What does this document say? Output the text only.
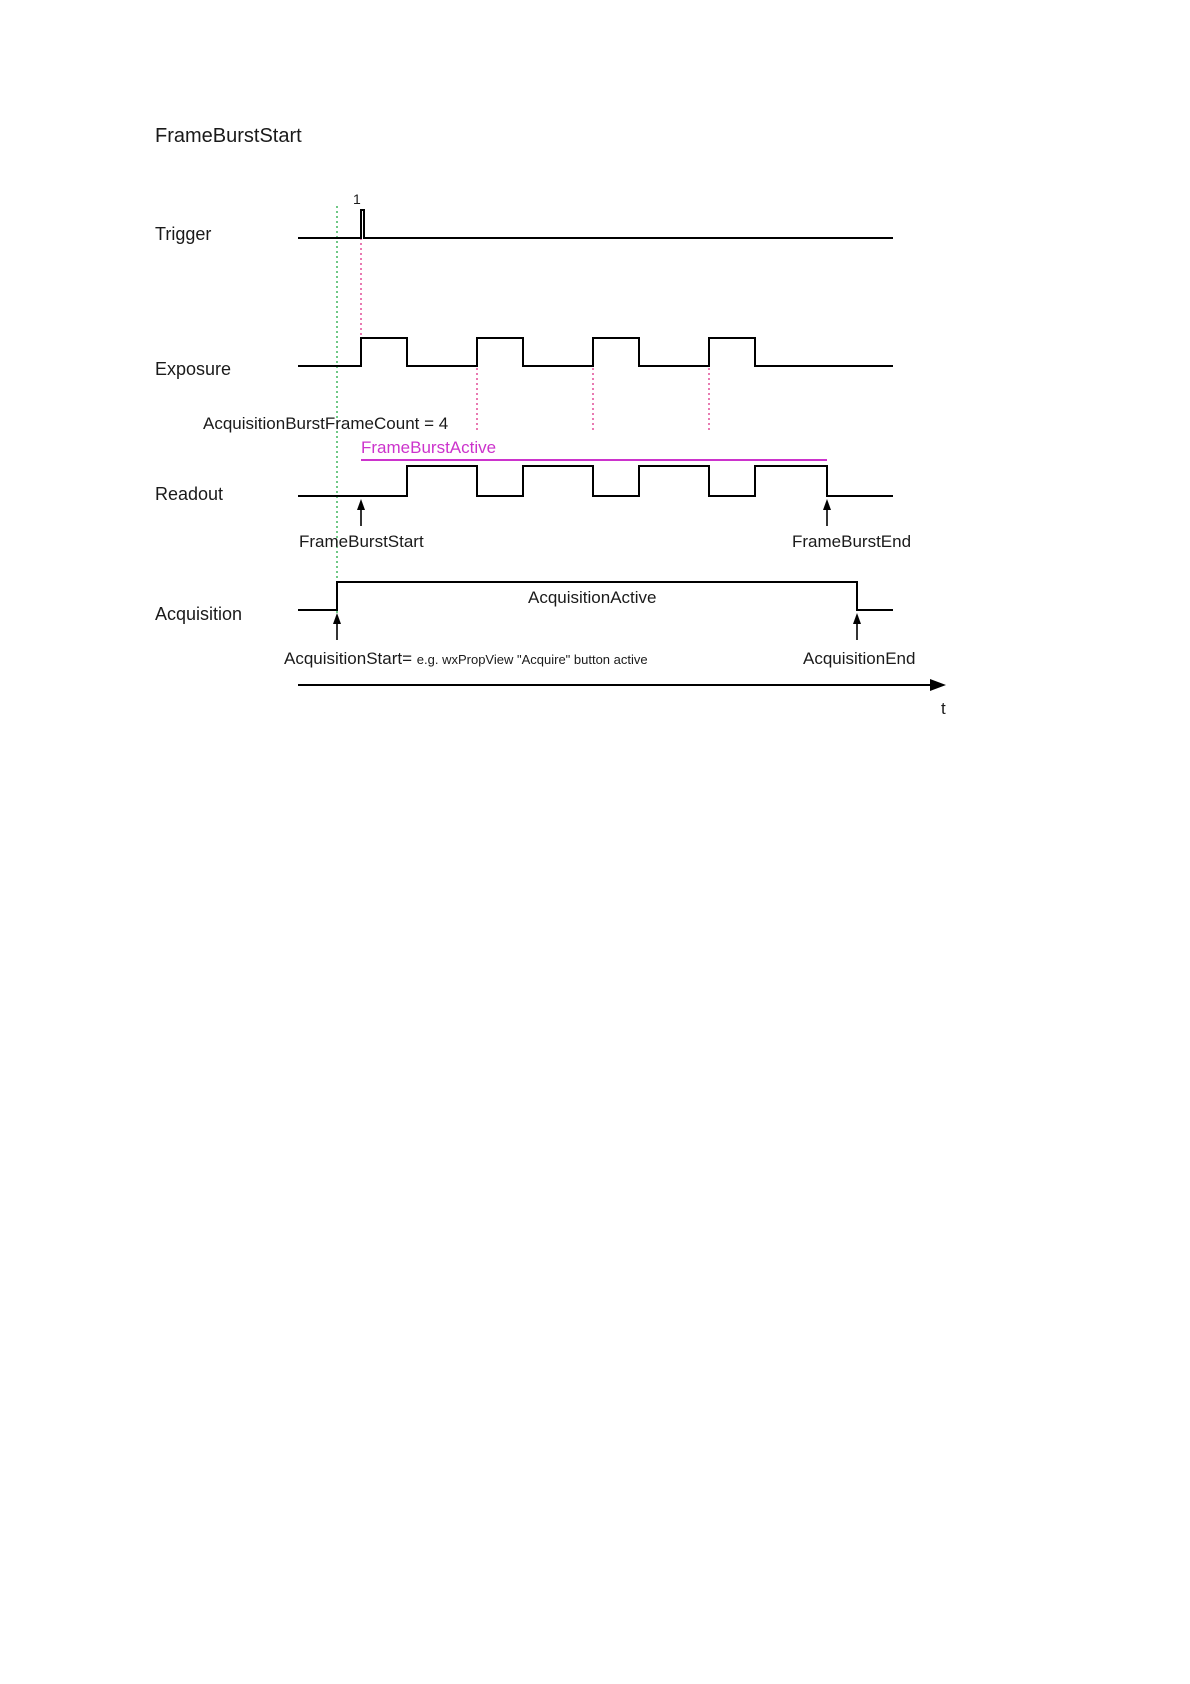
FrameBurstStart
Trigger
Exposure
Readout
Acquisition
1
AcquisitionBurstFrameCount = 4
FrameBurstActive
FrameBurstStart	FrameBurstEnd
AcquisitionActive
AcquisitionStart= e.g. wxPropView "Acquire" button active	AcquisitionEnd
t
